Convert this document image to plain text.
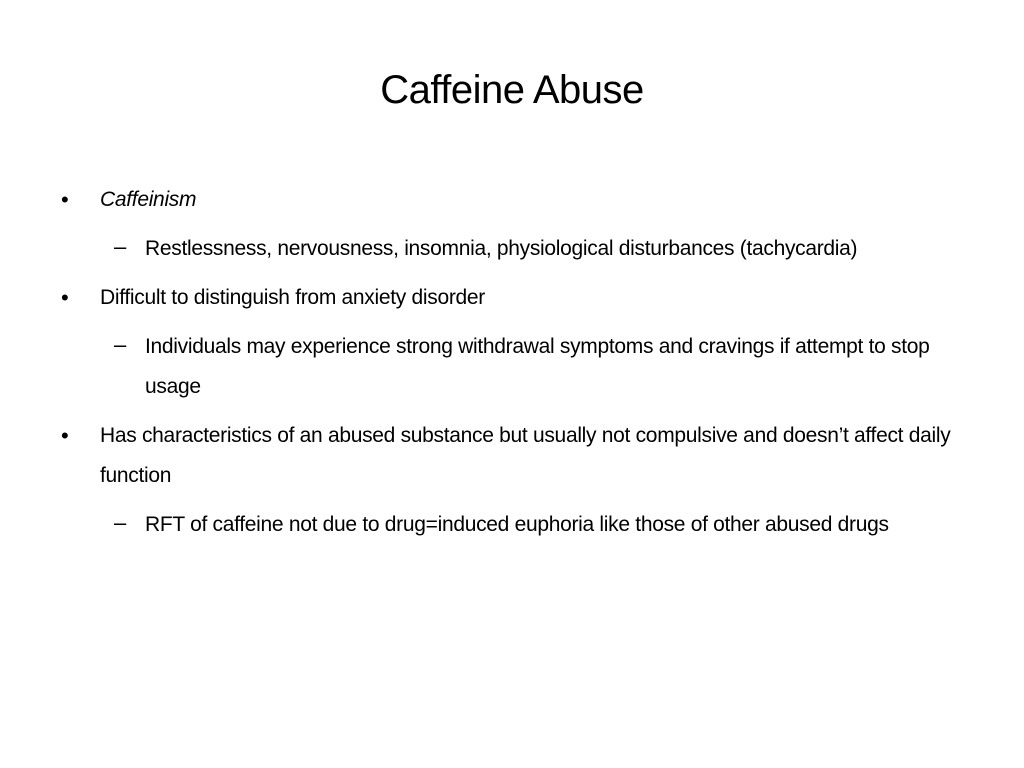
Caffeine Abuse
• Caffeinism
– Restlessness, nervousness, insomnia, physiological disturbances (tachycardia)
• Difficult to distinguish from anxiety disorder
– Individuals may experience strong withdrawal symptoms and cravings if attempt to stop usage
• Has characteristics of an abused substance but usually not compulsive and doesn’t affect daily function
– RFT of caffeine not due to drug=induced euphoria like those of other abused drugs
